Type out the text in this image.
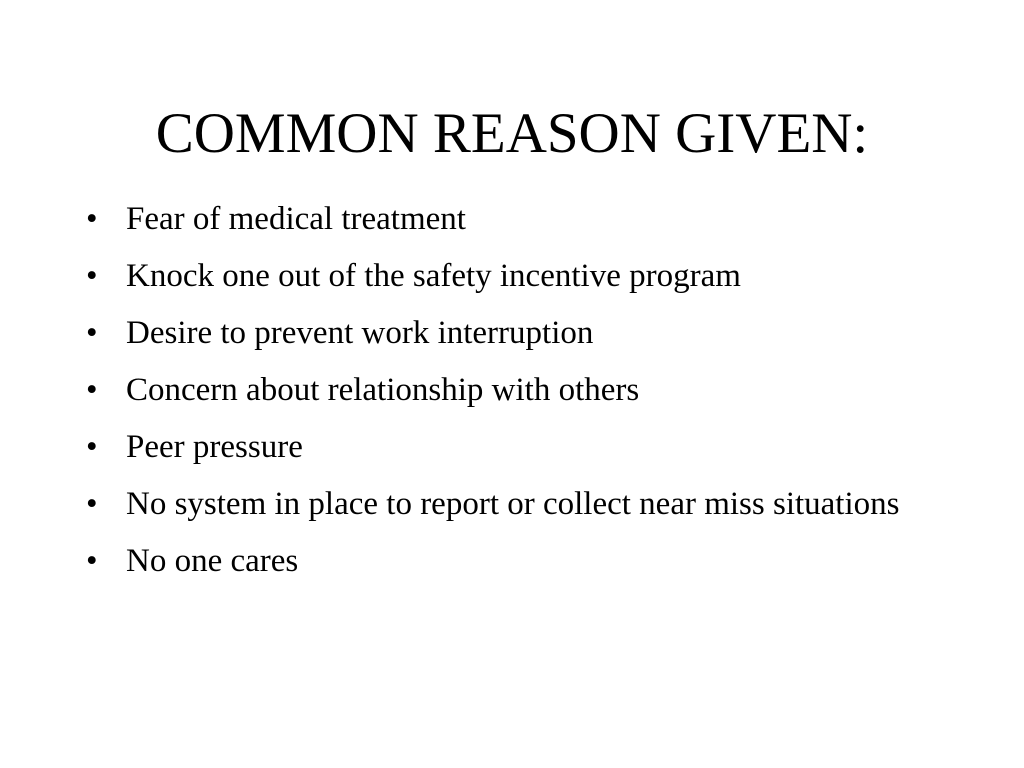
COMMON REASON GIVEN:
• Fear of medical treatment
• Knock one out of the safety incentive program
• Desire to prevent work interruption
• Concern about relationship with others
• Peer pressure
• No system in place to report or collect near miss situations
• No one cares
